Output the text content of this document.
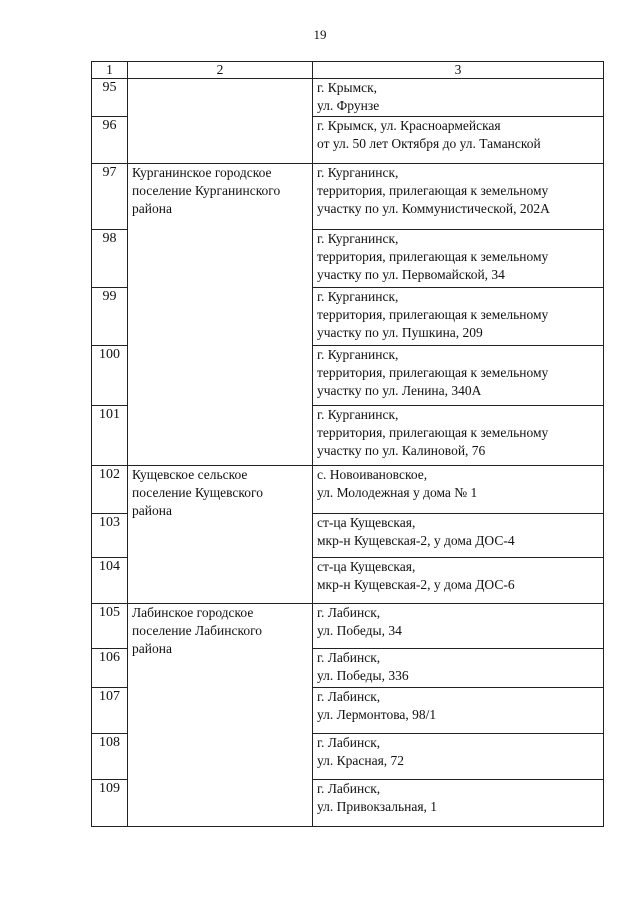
19
1	2	3
95		г. Крымск,
ул. Фрунзе

96		г. Крымск, ул. Красноармейская
от ул. 50 лет Октября до ул. Таманской

97	Курганинское городское
поселение Курганинского
района	г. Курганинск,
территория, прилегающая к земельному
участку по ул. Коммунистической, 202А

98		г. Курганинск,
территория, прилегающая к земельному
участку по ул. Первомайской, 34

99		г. Курганинск,
территория, прилегающая к земельному
участку по ул. Пушкина, 209

100		г. Курганинск,
территория, прилегающая к земельному
участку по ул. Ленина, 340А

101		г. Курганинск,
территория, прилегающая к земельному
участку по ул. Калиновой, 76

102	Кущевское сельское
поселение Кущевского
района	с. Новоивановское,
ул. Молодежная у дома № 1

103		ст-ца Кущевская,
мкр-н Кущевская-2, у дома ДОС-4

104		ст-ца Кущевская,
мкр-н Кущевская-2, у дома ДОС-6

105	Лабинское городское
поселение Лабинского
района	г. Лабинск,
ул. Победы, 34

106		г. Лабинск,
ул. Победы, 336

107		г. Лабинск,
ул. Лермонтова, 98/1

108		г. Лабинск,
ул. Красная, 72

109		г. Лабинск,
ул. Привокзальная, 1
